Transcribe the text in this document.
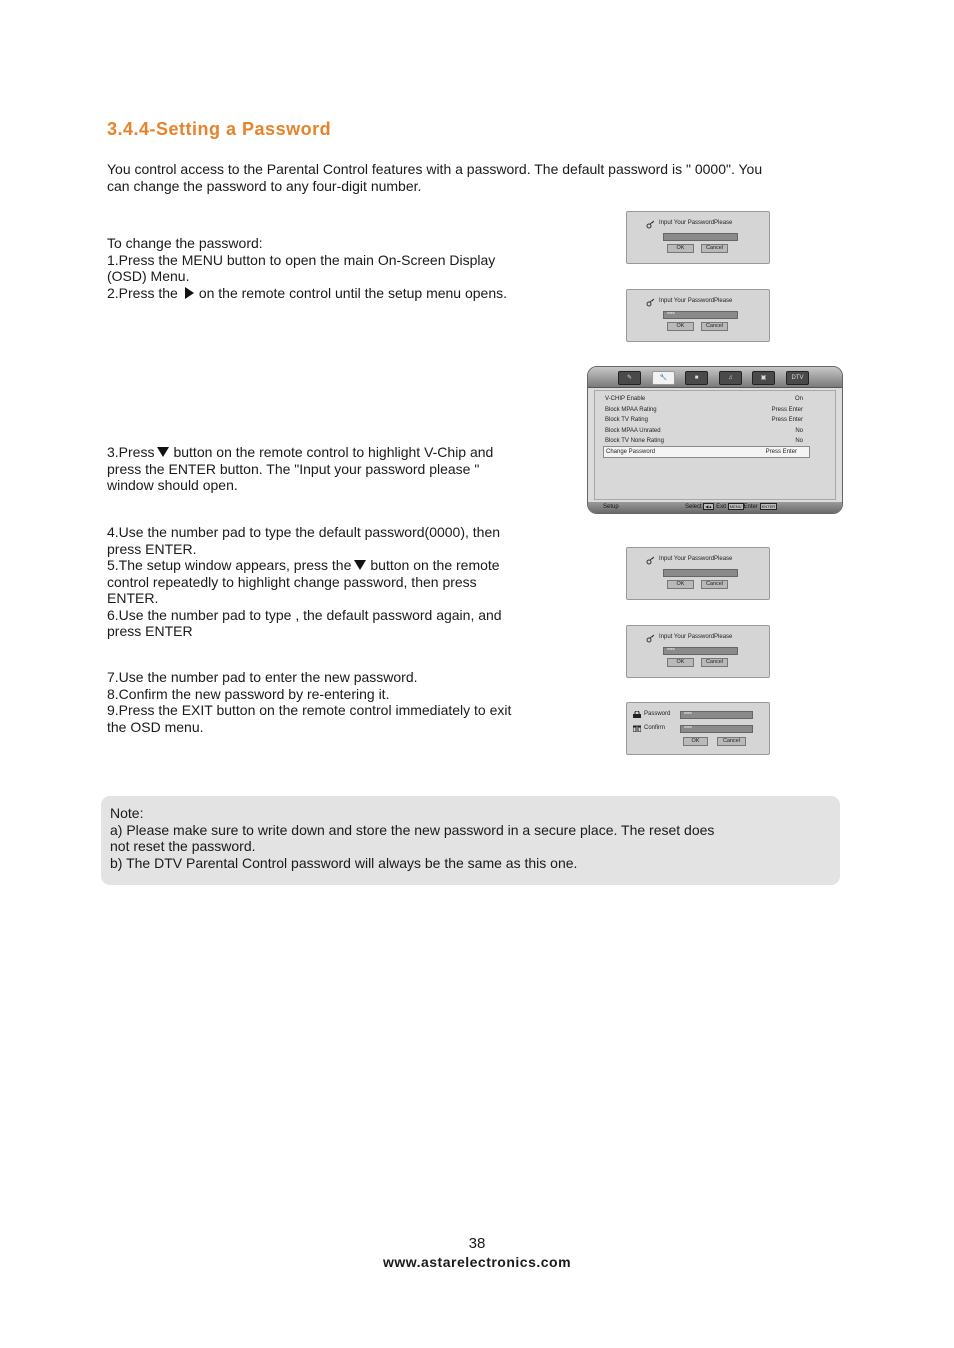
3.4.4-Setting a Password
You control access to the Parental Control features with a password. The default password is " 0000". You
can change the password to any four-digit number.
To change the password:
1.Press the MENU button to open the main On-Screen Display
(OSD) Menu.
2.Press the on the remote control until the setup menu opens.
3.Press button on the remote control to highlight V-Chip and
press the ENTER button. The "Input your password please "
window should open.
4.Use the number pad to type the default password(0000), then
press ENTER.
5.The setup window appears, press the button on the remote
control repeatedly to highlight change password, then press
ENTER.
6.Use the number pad to type , the default password again, and
press ENTER
7.Use the number pad to enter the new password.
8.Confirm the new password by re-entering it.
9.Press the EXIT button on the remote control immediately to exit
the OSD menu.
Input Your PasswordPlease
OK	Cancel
Input Your PasswordPlease
****
OK	Cancel
✎	🔧	■	♫	▣	DTV
V-CHIP Enable	On
Block MPAA Rating	Press Enter
Block TV Rating	Press Enter
Block MPAA Unrated	No
Block TV None Rating	No
Change Password	Press Enter
Setup	Select ◀▲ Exit MENU Enter ENTER
Input Your PasswordPlease
OK	Cancel
Input Your PasswordPlease
****
OK	Cancel
Password	****
Confirm	****
OK	Cancel
Note:
a) Please make sure to write down and store the new password in a secure place. The reset does
not reset the password.
b) The DTV Parental Control password will always be the same as this one.
38
www.astarelectronics.com
